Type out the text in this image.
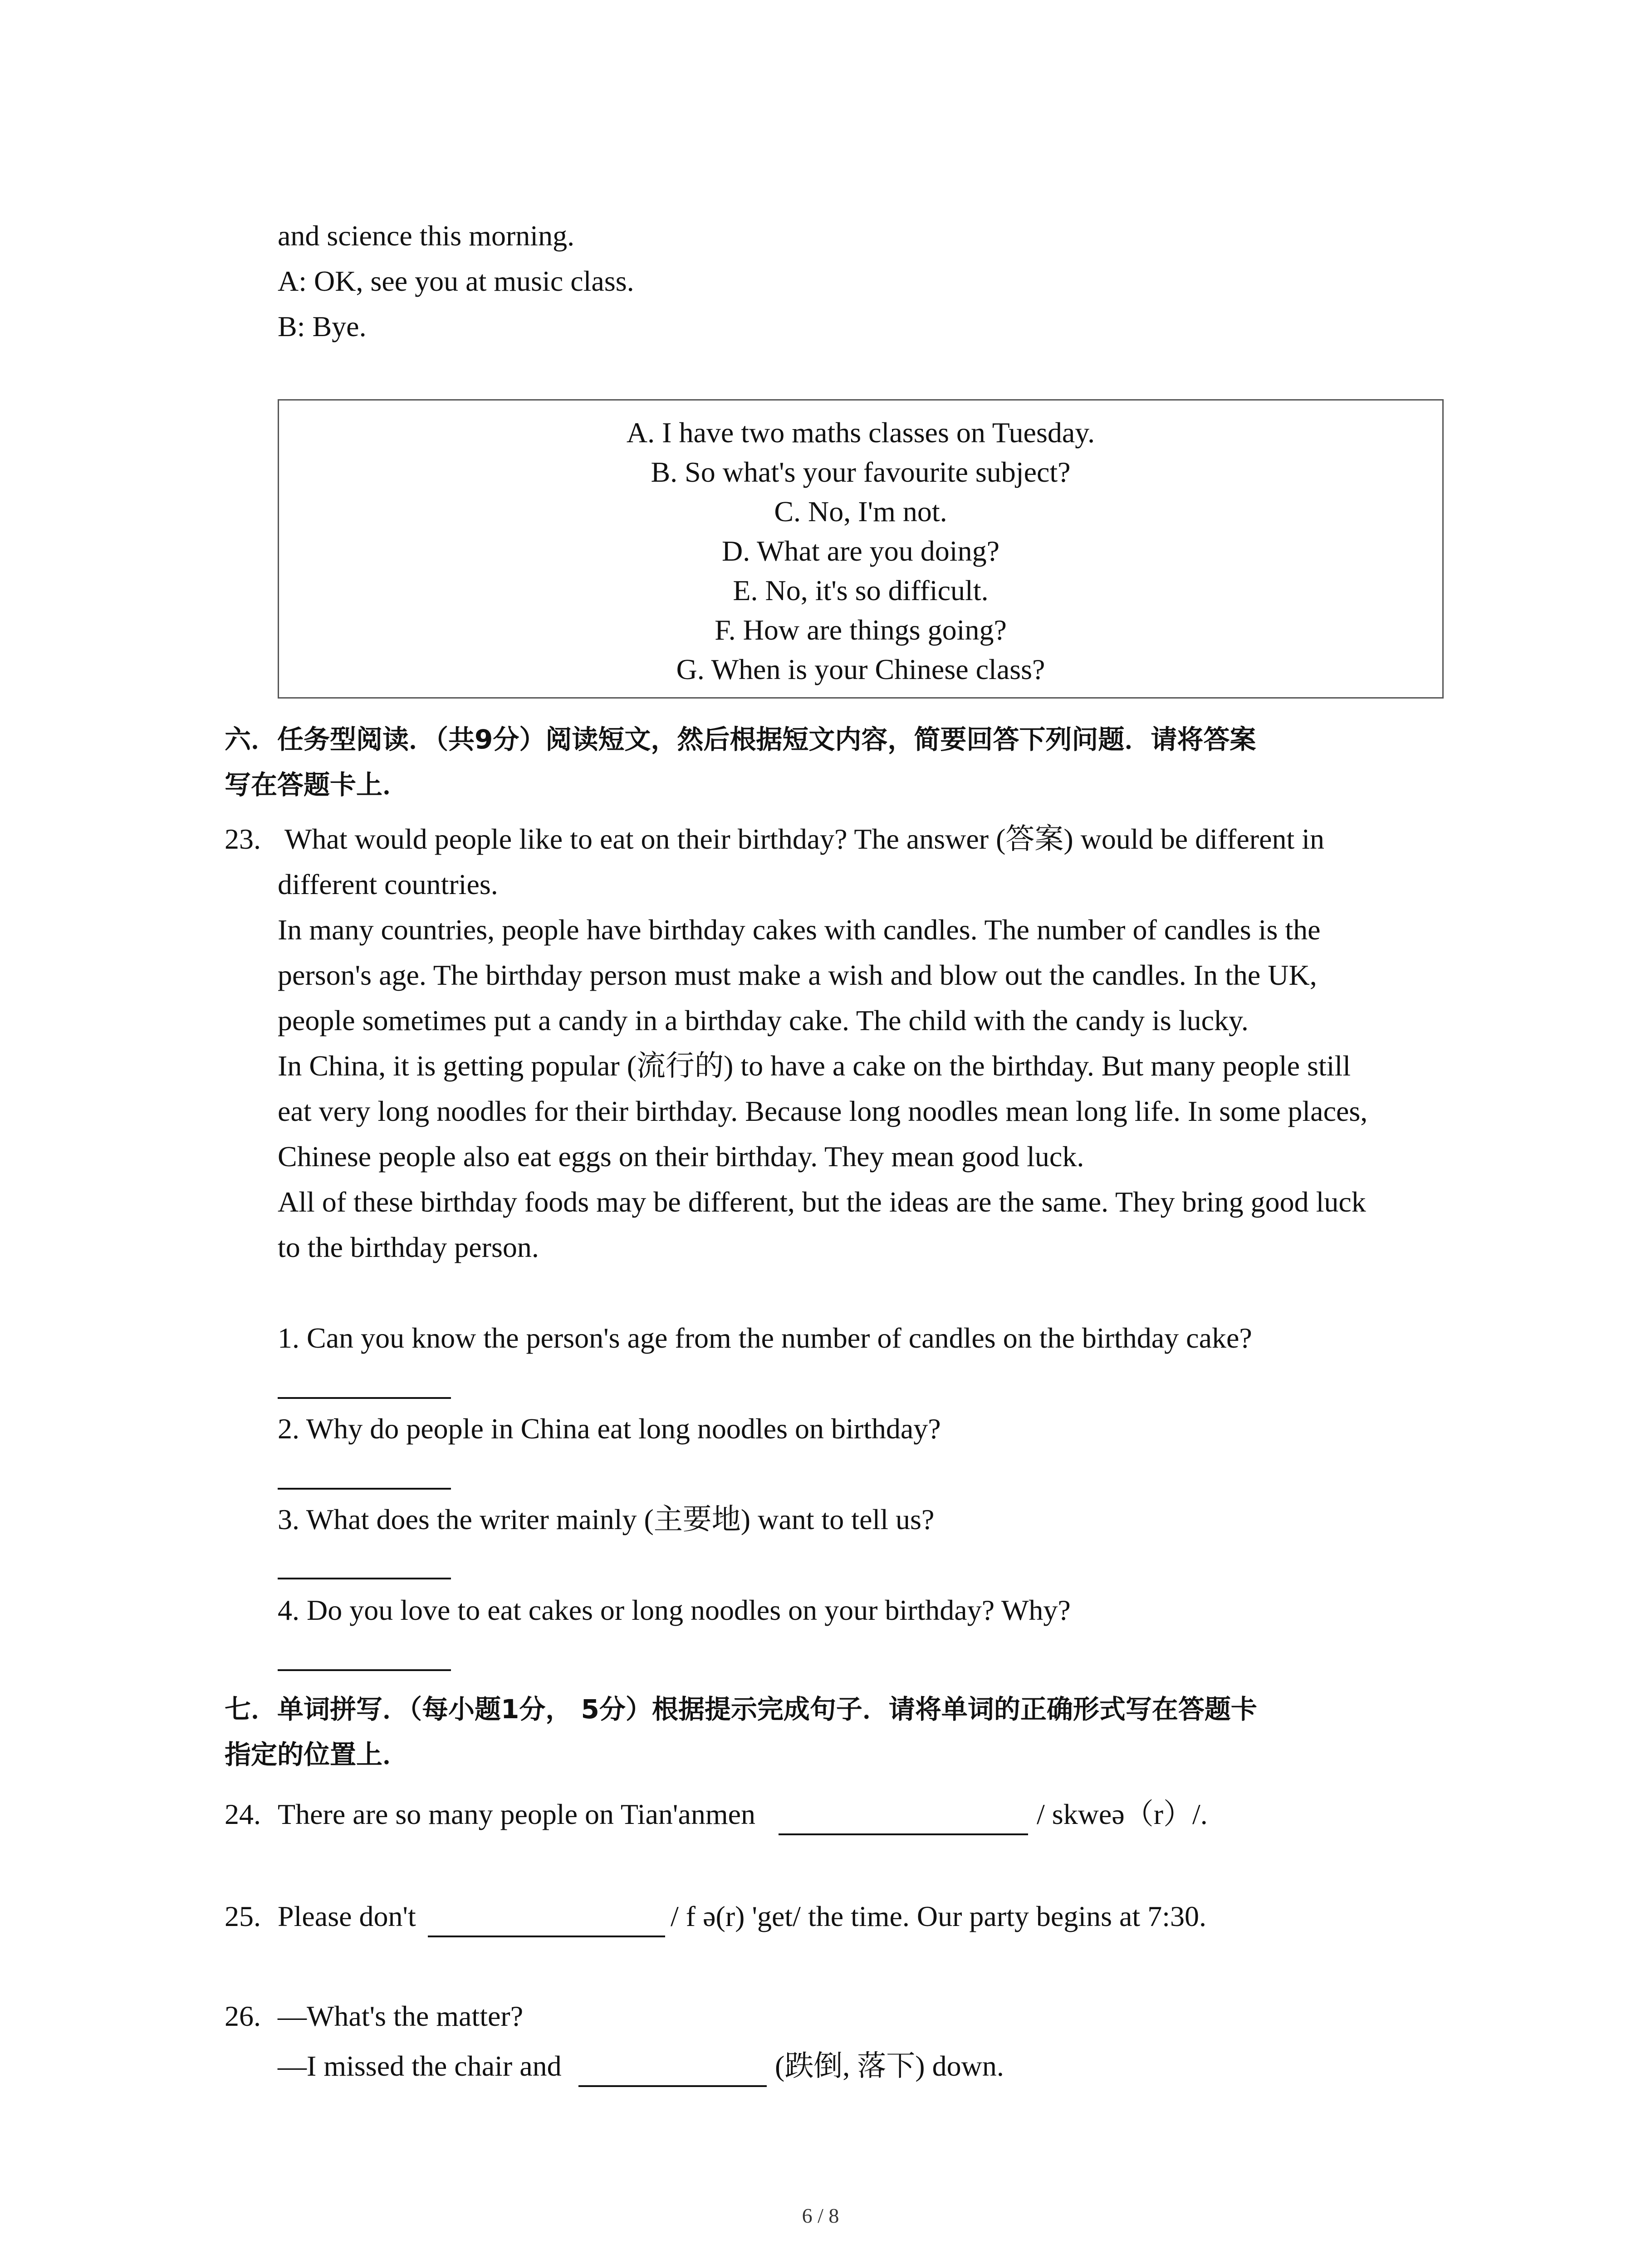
and science this morning.
A: OK, see you at music class.
B: Bye.
A. I have two maths classes on Tuesday.
B. So what's your favourite subject?
C. No, I'm not.
D. What are you doing?
E. No, it's so difficult.
F. How are things going?
G. When is your Chinese class?
六．任务型阅读．（共9分）阅读短文，然后根据短文内容，简要回答下列问题．请将答案
写在答题卡上．
23. What would people like to eat on their birthday? The answer (答案) would be different in
different countries.
In many countries, people have birthday cakes with candles. The number of candles is the
person's age. The birthday person must make a wish and blow out the candles. In the UK,
people sometimes put a candy in a birthday cake. The child with the candy is lucky.
In China, it is getting popular (流行的) to have a cake on the birthday. But many people still
eat very long noodles for their birthday. Because long noodles mean long life. In some places,
Chinese people also eat eggs on their birthday. They mean good luck.
All of these birthday foods may be different, but the ideas are the same. They bring good luck
to the birthday person.
1. Can you know the person's age from the number of candles on the birthday cake?
2. Why do people in China eat long noodles on birthday?
3. What does the writer mainly (主要地) want to tell us?
4. Do you love to eat cakes or long noodles on your birthday? Why?
七．单词拼写．（每小题1分， 5分）根据提示完成句子．请将单词的正确形式写在答题卡
指定的位置上．
24. There are so many people on Tian'anmen	/ skweə（r）/.
25. Please don't	/ f ə(r) 'get/ the time. Our party begins at 7:30.
26. —What's the matter?
—I missed the chair and	(跌倒, 落下) down.
6 / 8
